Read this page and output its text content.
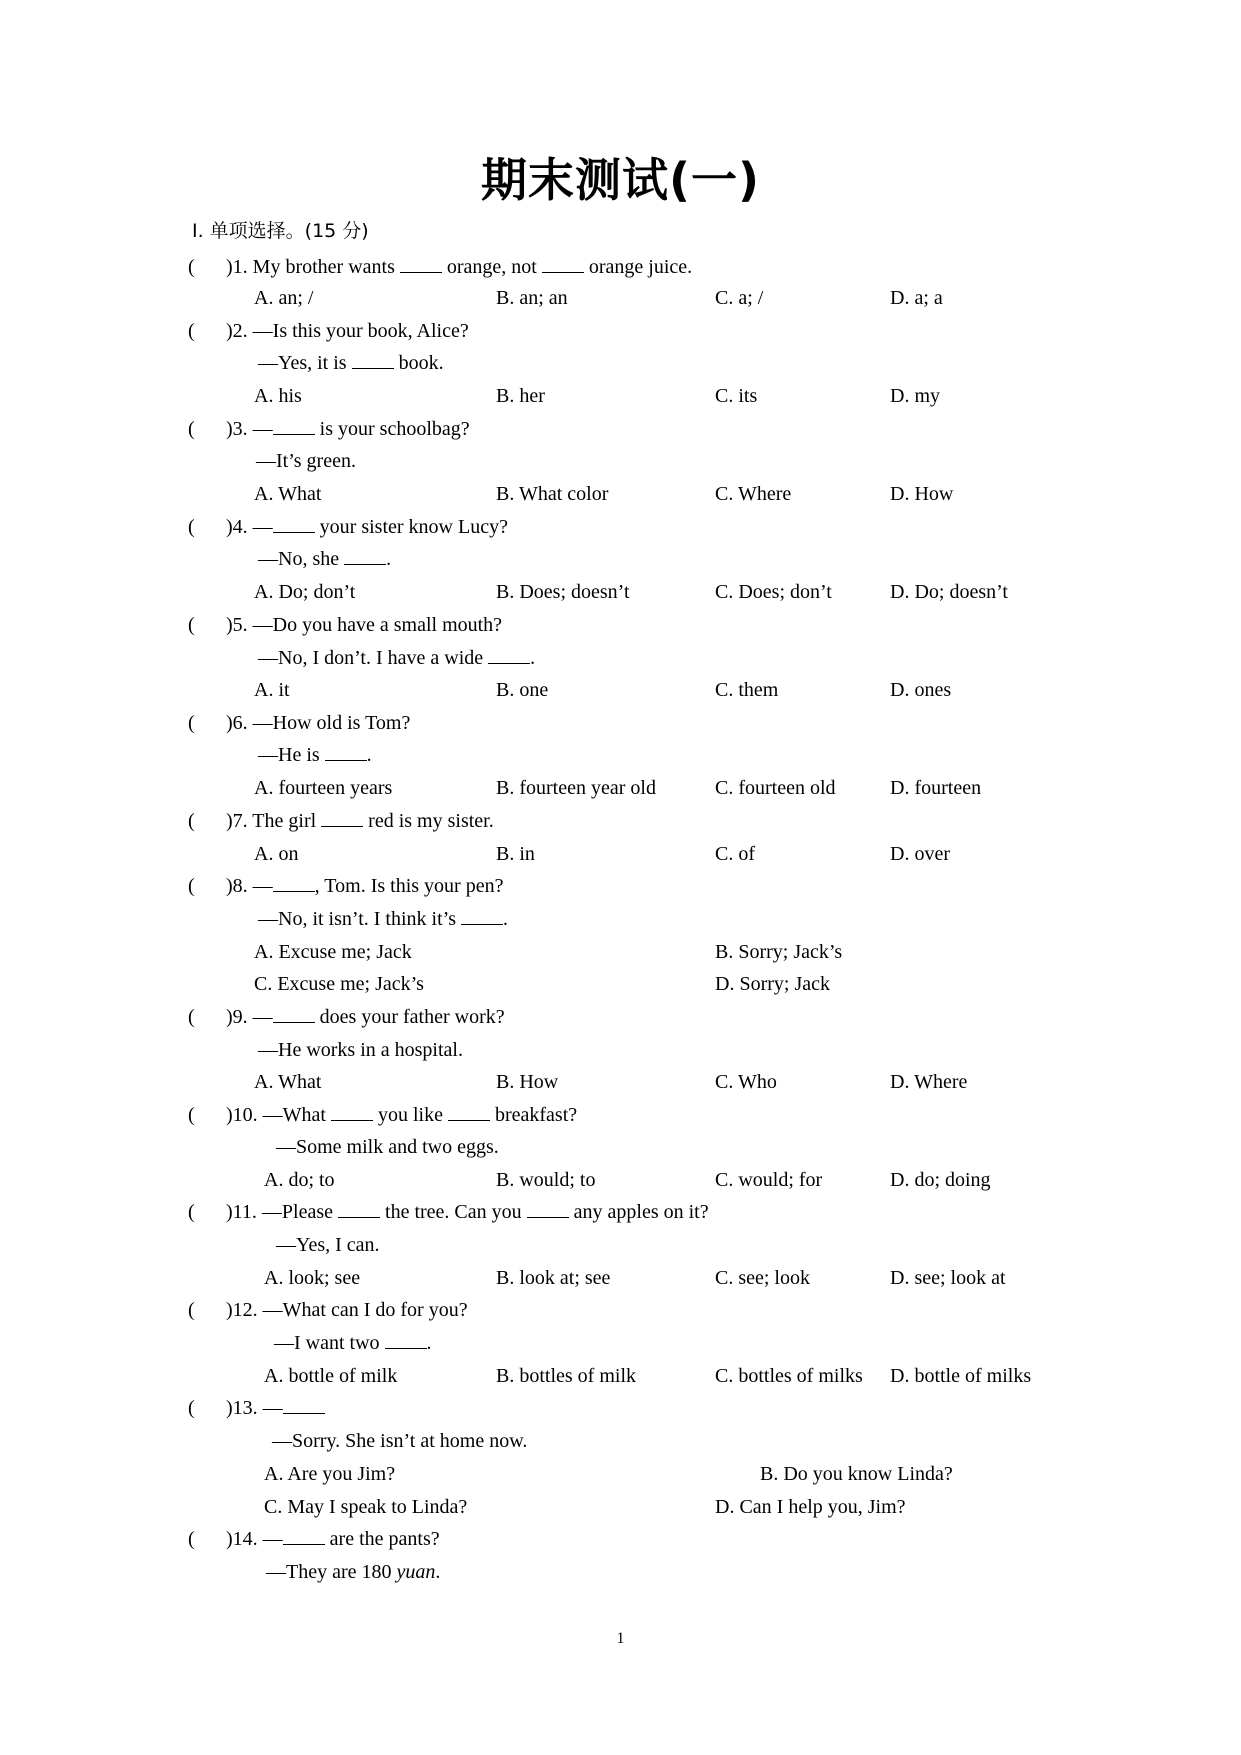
期末测试(一)
Ⅰ. 单项选择。(15 分)
( )1. My brother wants  orange, not  orange juice.
A. an; /	B. an; an	C. a; /	D. a; a
( )2. —Is this your book, Alice?
—Yes, it is  book.
A. his	B. her	C. its	D. my
( )3. — is your schoolbag?
—It’s green.
A. What	B. What color	C. Where	D. How
( )4. — your sister know Lucy?
—No, she .
A. Do; don’t	B. Does; doesn’t	C. Does; don’t	D. Do; doesn’t
( )5. —Do you have a small mouth?
—No, I don’t. I have a wide .
A. it	B. one	C. them	D. ones
( )6. —How old is Tom?
—He is .
A. fourteen years	B. fourteen year old	C. fourteen old	D. fourteen
( )7. The girl  red is my sister.
A. on	B. in	C. of	D. over
( )8. — , Tom. Is this your pen?
—No, it isn’t. I think it’s .
A. Excuse me; Jack	B. Sorry; Jack’s
C. Excuse me; Jack’s	D. Sorry; Jack
( )9. — does your father work?
—He works in a hospital.
A. What	B. How	C. Who	D. Where
( )10. —What  you like  breakfast?
—Some milk and two eggs.
A. do; to	B. would; to	C. would; for	D. do; doing
( )11. —Please  the tree. Can you  any apples on it?
—Yes, I can.
A. look; see	B. look at; see	C. see; look	D. see; look at
( )12. —What can I do for you?
—I want two .
A. bottle of milk	B. bottles of milk	C. bottles of milks D. bottle of milks
( )13. —
—Sorry. She isn’t at home now.
A. Are you Jim?	B. Do you know Linda?
C. May I speak to Linda?	D. Can I help you, Jim?
( )14. — are the pants?
—They are 180 yuan.
1
